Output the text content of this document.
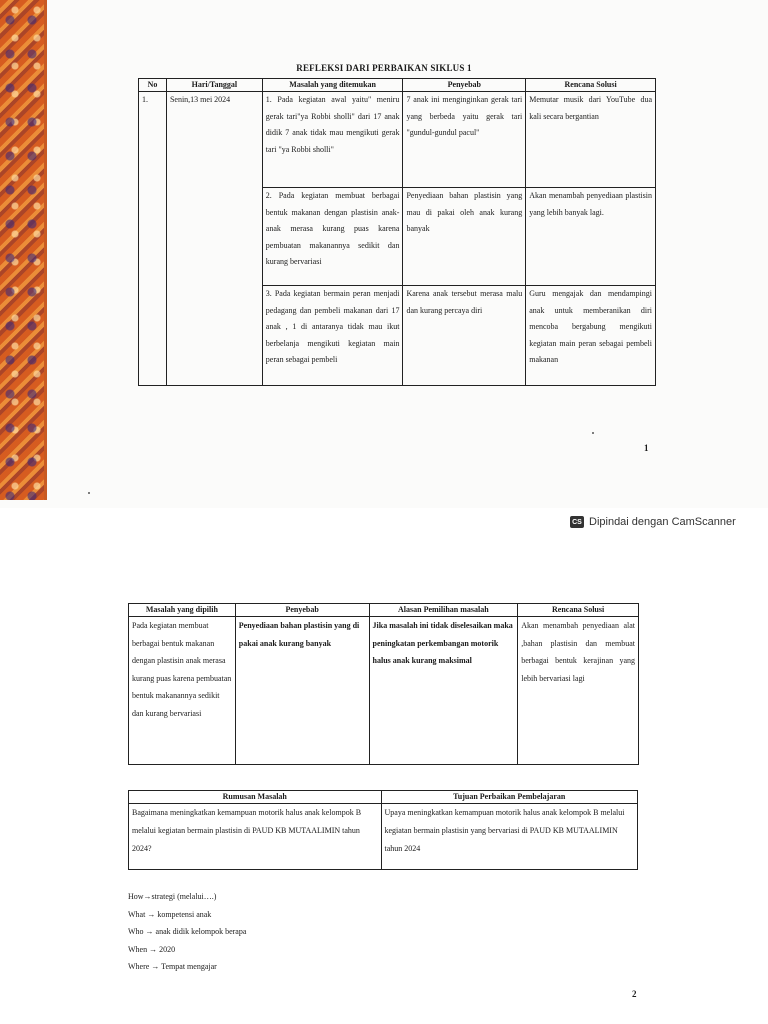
REFLEKSI DARI PERBAIKAN SIKLUS 1
No	Hari/Tanggal	Masalah yang ditemukan	Penyebab	Rencana Solusi
1.	Senin,13 mei 2024	1. Pada kegiatan awal yaitu" meniru gerak tari"ya Robbi sholli" dari 17 anak didik 7 anak tidak mau mengikuti gerak tari "ya Robbi sholli"	7 anak ini menginginkan gerak tari yang berbeda yaitu gerak tari "gundul-gundul pacul"	Memutar musik dari YouTube dua kali secara bergantian
		2. Pada kegiatan membuat berbagai bentuk makanan dengan plastisin anak-anak merasa kurang puas karena pembuatan makanannya sedikit dan kurang bervariasi	Penyediaan bahan plastisin yang mau di pakai oleh anak kurang banyak	Akan menambah penyediaan plastisin yang lebih banyak lagi.
		3. Pada kegiatan bermain peran menjadi pedagang dan pembeli makanan dari 17 anak , 1 di antaranya tidak mau ikut berbelanja mengikuti kegiatan main peran sebagai pembeli	Karena anak tersebut merasa malu dan kurang percaya diri	Guru mengajak dan mendampingi anak untuk memberanikan diri mencoba bergabung mengikuti kegiatan main peran sebagai pembeli makanan
1
CS Dipindai dengan CamScanner
Masalah yang dipilih	Penyebab	Alasan Pemilihan masalah	Rencana Solusi
Pada kegiatan membuat berbagai bentuk makanan dengan plastisin anak merasa kurang puas karena pembuatan bentuk makanannya sedikit dan kurang bervariasi	Penyediaan bahan plastisin yang di pakai anak kurang banyak	Jika masalah ini tidak diselesaikan maka peningkatan perkembangan motorik halus anak kurang maksimal	Akan menambah penyediaan alat ,bahan plastisin dan membuat berbagai bentuk kerajinan yang lebih bervariasi lagi
Rumusan Masalah	Tujuan Perbaikan Pembelajaran
Bagaimana meningkatkan kemampuan motorik halus anak kelompok B melalui kegiatan bermain plastisin di PAUD KB MUTAALIMIN tahun 2024?	Upaya meningkatkan kemampuan motorik halus anak kelompok B melalui kegiatan bermain plastisin yang bervariasi di PAUD KB MUTAALIMIN tahun 2024
How→strategi (melalui….)
What → kompetensi anak
Who → anak didik kelompok berapa
When → 2020
Where → Tempat mengajar
2
